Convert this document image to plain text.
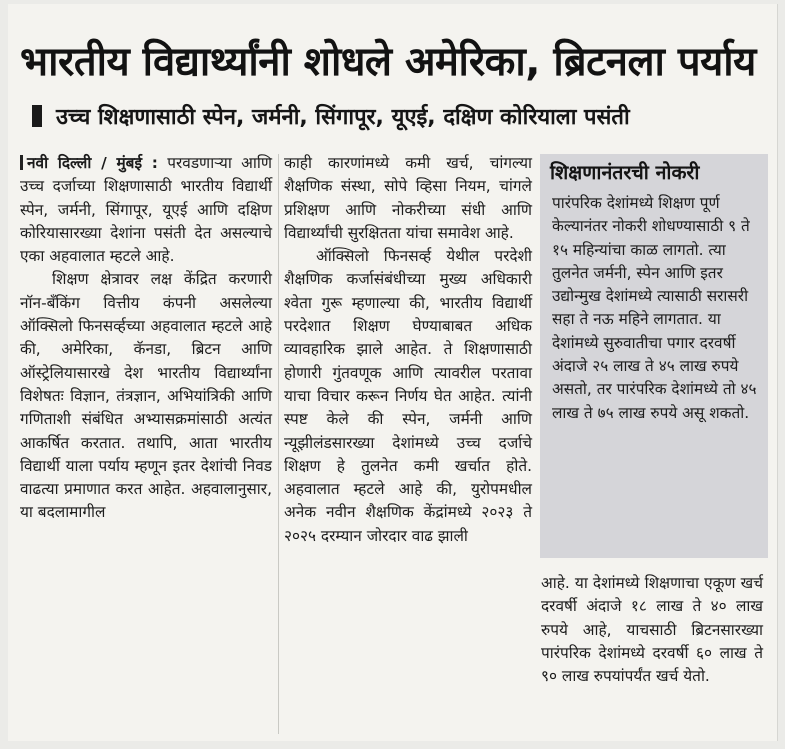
भारतीय विद्यार्थ्यांनी शोधले अमेरिका, ब्रिटनला पर्याय
उच्च शिक्षणासाठी स्पेन, जर्मनी, सिंगापूर, यूएई, दक्षिण कोरियाला पसंती

नवी दिल्ली / मुंबई : परवडणाऱ्या आणि उच्च दर्जाच्या शिक्षणासाठी भारतीय विद्यार्थी स्पेन, जर्मनी, सिंगापूर, यूएई आणि दक्षिण कोरियासारख्या देशांना पसंती देत असल्याचे एका अहवालात म्हटले आहे.

शिक्षण क्षेत्रावर लक्ष केंद्रित करणारी नॉन-बँकिंग वित्तीय कंपनी असलेल्या ऑक्सिलो फिनसर्व्हच्या अहवालात म्हटले आहे की, अमेरिका, कॅनडा, ब्रिटन आणि ऑस्ट्रेलियासारखे देश भारतीय विद्यार्थ्यांना विशेषतः विज्ञान, तंत्रज्ञान, अभियांत्रिकी आणि गणिताशी संबंधित अभ्यासक्रमांसाठी अत्यंत आकर्षित करतात. तथापि, आता भारतीय विद्यार्थी याला पर्याय म्हणून इतर देशांची निवड वाढत्या प्रमाणात करत आहेत. अहवालानुसार, या बदलामागील

काही कारणांमध्ये कमी खर्च, चांगल्या शैक्षणिक संस्था, सोपे व्हिसा नियम, चांगले प्रशिक्षण आणि नोकरीच्या संधी आणि विद्यार्थ्यांची सुरक्षितता यांचा समावेश आहे.

ऑक्सिलो फिनसर्व्ह येथील परदेशी शैक्षणिक कर्जासंबंधीच्या मुख्य अधिकारी श्वेता गुरू म्हणाल्या की, भारतीय विद्यार्थी परदेशात शिक्षण घेण्याबाबत अधिक व्यावहारिक झाले आहेत. ते शिक्षणासाठी होणारी गुंतवणूक आणि त्यावरील परतावा याचा विचार करून निर्णय घेत आहेत. त्यांनी स्पष्ट केले की स्पेन, जर्मनी आणि न्यूझीलंडसारख्या देशांमध्ये उच्च दर्जाचे शिक्षण हे तुलनेत कमी खर्चात होते. अहवालात म्हटले आहे की, युरोपमधील अनेक नवीन शैक्षणिक केंद्रांमध्ये २०२३ ते २०२५ दरम्यान जोरदार वाढ झाली

शिक्षणानंतरची नोकरी
पारंपरिक देशांमध्ये शिक्षण पूर्ण केल्यानंतर नोकरी शोधण्यासाठी ९ ते १५ महिन्यांचा काळ लागतो. त्या तुलनेत जर्मनी, स्पेन आणि इतर उद्योन्मुख देशांमध्ये त्यासाठी सरासरी सहा ते नऊ महिने लागतात. या देशांमध्ये सुरुवातीचा पगार दरवर्षी अंदाजे २५ लाख ते ४५ लाख रुपये असतो, तर पारंपरिक देशांमध्ये तो ४५ लाख ते ७५ लाख रुपये असू शकतो.

आहे. या देशांमध्ये शिक्षणाचा एकूण खर्च दरवर्षी अंदाजे १८ लाख ते ४० लाख रुपये आहे, याचसाठी ब्रिटनसारख्या पारंपरिक देशांमध्ये दरवर्षी ६० लाख ते ९० लाख रुपयांपर्यंत खर्च येतो.
